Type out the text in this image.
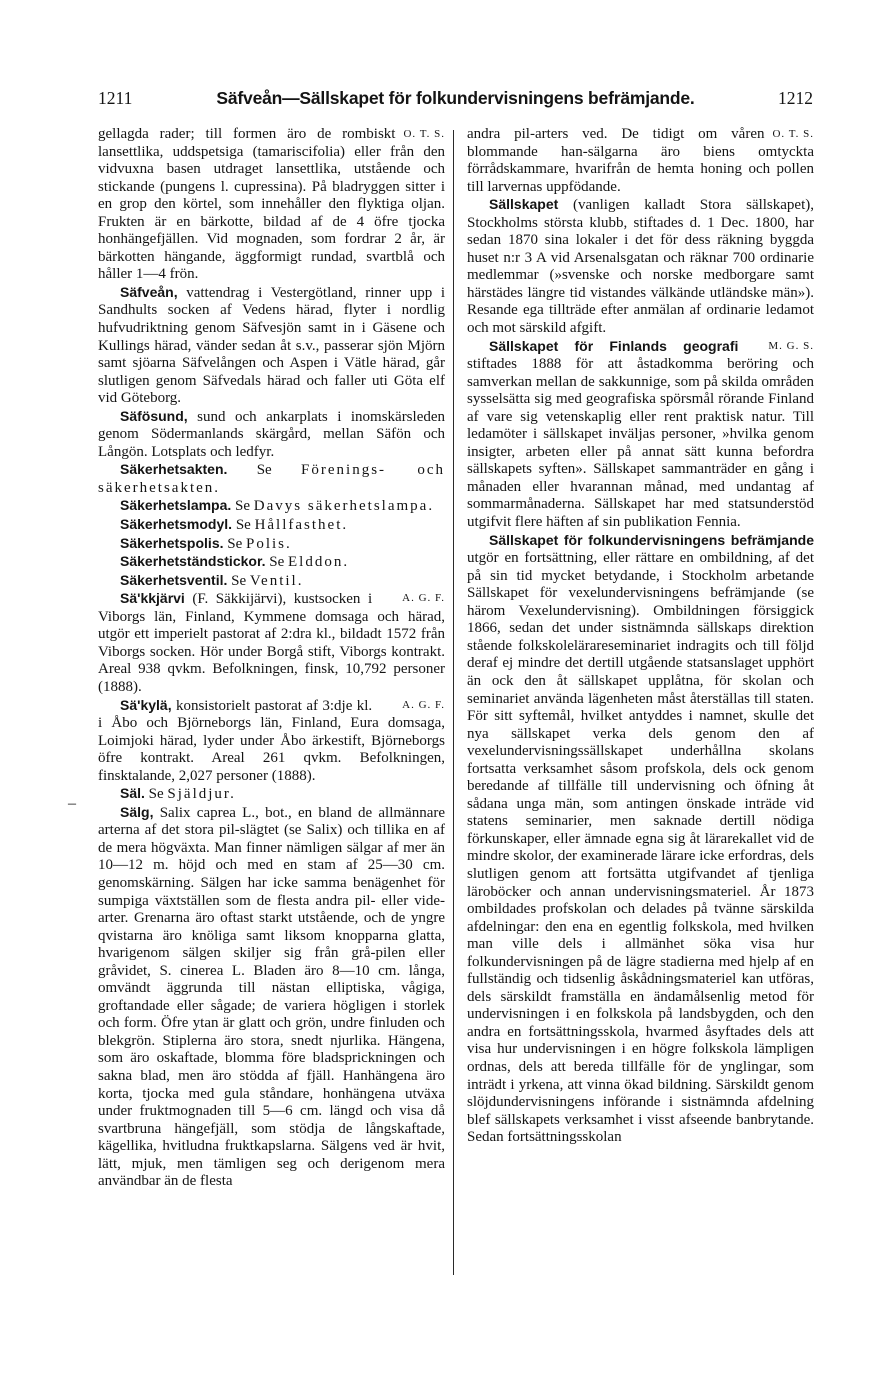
1211	Säfveån—Sällskapet för folkundervisningens befrämjande.	1212
‒

O. T. S.
gellagda rader; till formen äro de rombiskt lansettlika, uddspetsiga (tamariscifolia) eller från den vidvuxna basen utdraget lansettlika, utstående och stickande (pungens l. cupressina). På bladryggen sitter i en grop den körtel, som innehåller den flyktiga oljan. Frukten är en bärkotte, bildad af de 4 öfre tjocka honhängefjällen. Vid mognaden, som fordrar 2 år, är bärkotten hängande, äggformigt rundad, svartblå och håller 1—4 frön.

Säfveån, vattendrag i Vestergötland, rinner upp i Sandhults socken af Vedens härad, flyter i nordlig hufvudriktning genom Säfvesjön samt in i Gäsene och Kullings härad, vänder sedan åt s.v., passerar sjön Mjörn samt sjöarna Säfvelången och Aspen i Vätle härad, går slutligen genom Säfvedals härad och faller uti Göta elf vid Göteborg.

Säfösund, sund och ankarplats i inomskärsleden genom Södermanlands skärgård, mellan Säfön och Långön. Lotsplats och ledfyr.

Säkerhetsakten. Se Förenings- och säkerhetsakten.

Säkerhetslampa. Se Davys säkerhetslampa.

Säkerhetsmodyl. Se Hållfasthet.

Säkerhetspolis. Se Polis.

Säkerhetständstickor. Se Elddon.

Säkerhetsventil. Se Ventil.

Sä'kkjärvi	A. G. F.
(F. Säkkijärvi), kustsocken i Viborgs län, Finland, Kymmene domsaga och härad, utgör ett imperielt pastorat af 2:dra kl., bildadt 1572 från Viborgs socken. Hör under Borgå stift, Viborgs kontrakt. Areal 938 qvkm. Befolkningen, finsk, 10,792 personer (1888).

Sä'kylä,	A. G. F.
konsistorielt pastorat af 3:dje kl. i Åbo och Björneborgs län, Finland, Eura domsaga, Loimjoki härad, lyder under Åbo ärkestift, Björneborgs öfre kontrakt. Areal 261 qvkm. Befolkningen, finsktalande, 2,027 personer (1888).

Säl. Se Själdjur.

Sälg, Salix caprea L., bot., en bland de allmännare arterna af det stora pil-slägtet (se Salix) och tillika en af de mera högväxta. Man finner nämligen sälgar af mer än 10—12 m. höjd och med en stam af 25—30 cm. genomskärning. Sälgen har icke samma benägenhet för sumpiga växtställen som de flesta andra pil- eller vide-arter. Grenarna äro oftast starkt utstående, och de yngre qvistarna äro knöliga samt liksom knopparna glatta, hvarigenom sälgen skiljer sig från grå-pilen eller gråvidet, S. cinerea L. Bladen äro 8—10 cm. långa, omvändt äggrunda till nästan elliptiska, vågiga, groftandade eller sågade; de variera högligen i storlek och form. Öfre ytan är glatt och grön, undre finluden och blekgrön. Stiplerna äro stora, snedt njurlika. Hängena, som äro oskaftade, blomma före bladsprickningen och sakna blad, men äro stödda af fjäll. Hanhängena äro korta, tjocka med gula ståndare, honhängena utväxa under fruktmognaden till 5—6 cm. längd och visa då svartbruna hängefjäll, som stödja de långskaftade, kägellika, hvitludna fruktkapslarna. Sälgens ved är hvit, lätt, mjuk, men tämligen seg och derigenom mera användbar än de flesta

O. T. S.
andra pil-arters ved. De tidigt om våren blommande han-sälgarna äro biens omtyckta förrådskammare, hvarifrån de hemta honing och pollen till larvernas uppfödande.

Sällskapet (vanligen kalladt Stora sällskapet), Stockholms största klubb, stiftades d. 1 Dec. 1800, har sedan 1870 sina lokaler i det för dess räkning byggda huset n:r 3 A vid Arsenalsgatan och räknar 700 ordinarie medlemmar (»svenske och norske medborgare samt härstädes längre tid vistandes välkände utländske män»). Resande ega tillträde efter anmälan af ordinarie ledamot och mot särskild afgift.

Sällskapet för Finlands geografi	M. G. S.
stiftades 1888 för att åstadkomma beröring och samverkan mellan de sakkunnige, som på skilda områden sysselsätta sig med geografiska spörsmål rörande Finland af vare sig vetenskaplig eller rent praktisk natur. Till ledamöter i sällskapet inväljas personer, »hvilka genom insigter, arbeten eller på annat sätt kunna befordra sällskapets syften». Sällskapet sammanträder en gång i månaden eller hvarannan månad, med undantag af sommarmånaderna. Sällskapet har med statsunderstöd utgifvit flere häften af sin publikation Fennia.

Sällskapet för folkundervisningens befrämjande utgör en fortsättning, eller rättare en ombildning, af det på sin tid mycket betydande, i Stockholm arbetande Sällskapet för vexelundervisningens befrämjande (se härom Vexelundervisning). Ombildningen försiggick 1866, sedan det under sistnämnda sällskaps direktion stående folkskolelärareseminariet indragits och till följd deraf ej mindre det dertill utgående statsanslaget upphört än ock den åt sällskapet upplåtna, för skolan och seminariet använda lägenheten måst återställas till staten. För sitt syftemål, hvilket antyddes i namnet, skulle det nya sällskapet verka dels genom den af vexelundervisningssällskapet underhållna skolans fortsatta verksamhet såsom profskola, dels ock genom beredande af tillfälle till undervisning och öfning åt sådana unga män, som antingen önskade inträde vid statens seminarier, men saknade dertill nödiga förkunskaper, eller ämnade egna sig åt lärarekallet vid de mindre skolor, der examinerade lärare icke erfordras, dels slutligen genom att fortsätta utgifvandet af tjenliga läroböcker och annan undervisningsmateriel. År 1873 ombildades profskolan och delades på tvänne särskilda afdelningar: den ena en egentlig folkskola, med hvilken man ville dels i allmänhet söka visa hur folkundervisningen på de lägre stadierna med hjelp af en fullständig och tidsenlig åskådningsmateriel kan utföras, dels särskildt framställa en ändamålsenlig metod för undervisningen i en folkskola på landsbygden, och den andra en fortsättningsskola, hvarmed åsyftades dels att visa hur undervisningen i en högre folkskola lämpligen ordnas, dels att bereda tillfälle för de ynglingar, som inträdt i yrkena, att vinna ökad bildning. Särskildt genom slöjdundervisningens införande i sistnämnda afdelning blef sällskapets verksamhet i visst afseende banbrytande. Sedan fortsättningsskolan
